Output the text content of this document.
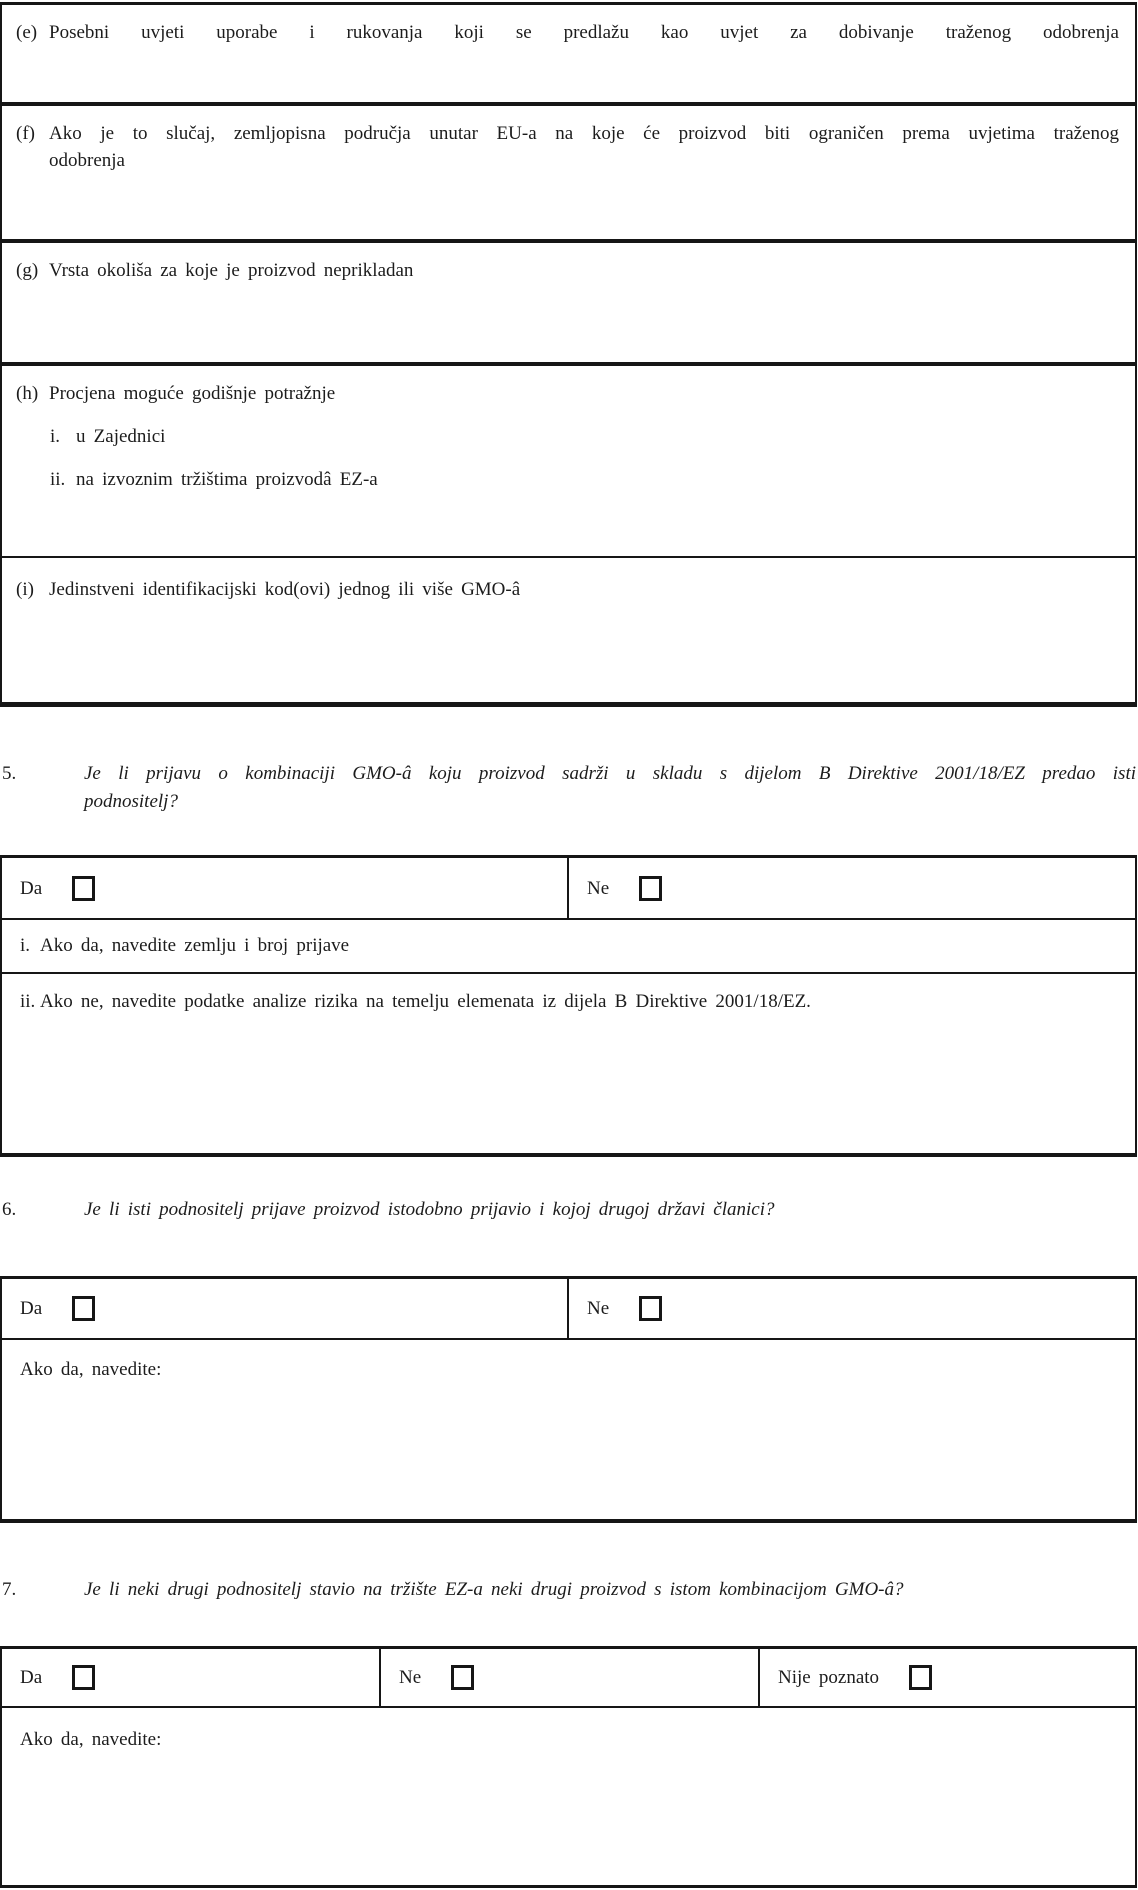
(e) Posebni uvjeti uporabe i rukovanja koji se predlažu kao uvjet za dobivanje traženog odobrenja
(f) Ako je to slučaj, zemljopisna područja unutar EU-a na koje će proizvod biti ograničen prema uvjetima traženog
odobrenja
(g) Vrsta okoliša za koje je proizvod neprikladan
(h) Procjena moguće godišnje potražnje
i. u Zajednici
ii. na izvoznim tržištima proizvodâ EZ-a
(i) Jedinstveni identifikacijski kod(ovi) jednog ili više GMO-â
5.	Je li prijavu o kombinaciji GMO-â koju proizvod sadrži u skladu s dijelom B Direktive 2001/18/EZ predao isti
podnositelj?
Da	Ne
i. Ako da, navedite zemlju i broj prijave
ii. Ako ne, navedite podatke analize rizika na temelju elemenata iz dijela B Direktive 2001/18/EZ.
6.	Je li isti podnositelj prijave proizvod istodobno prijavio i kojoj drugoj državi članici?
Da	Ne
Ako da, navedite:
7.	Je li neki drugi podnositelj stavio na tržište EZ-a neki drugi proizvod s istom kombinacijom GMO-â?
Da	Ne	Nije poznato
Ako da, navedite:
